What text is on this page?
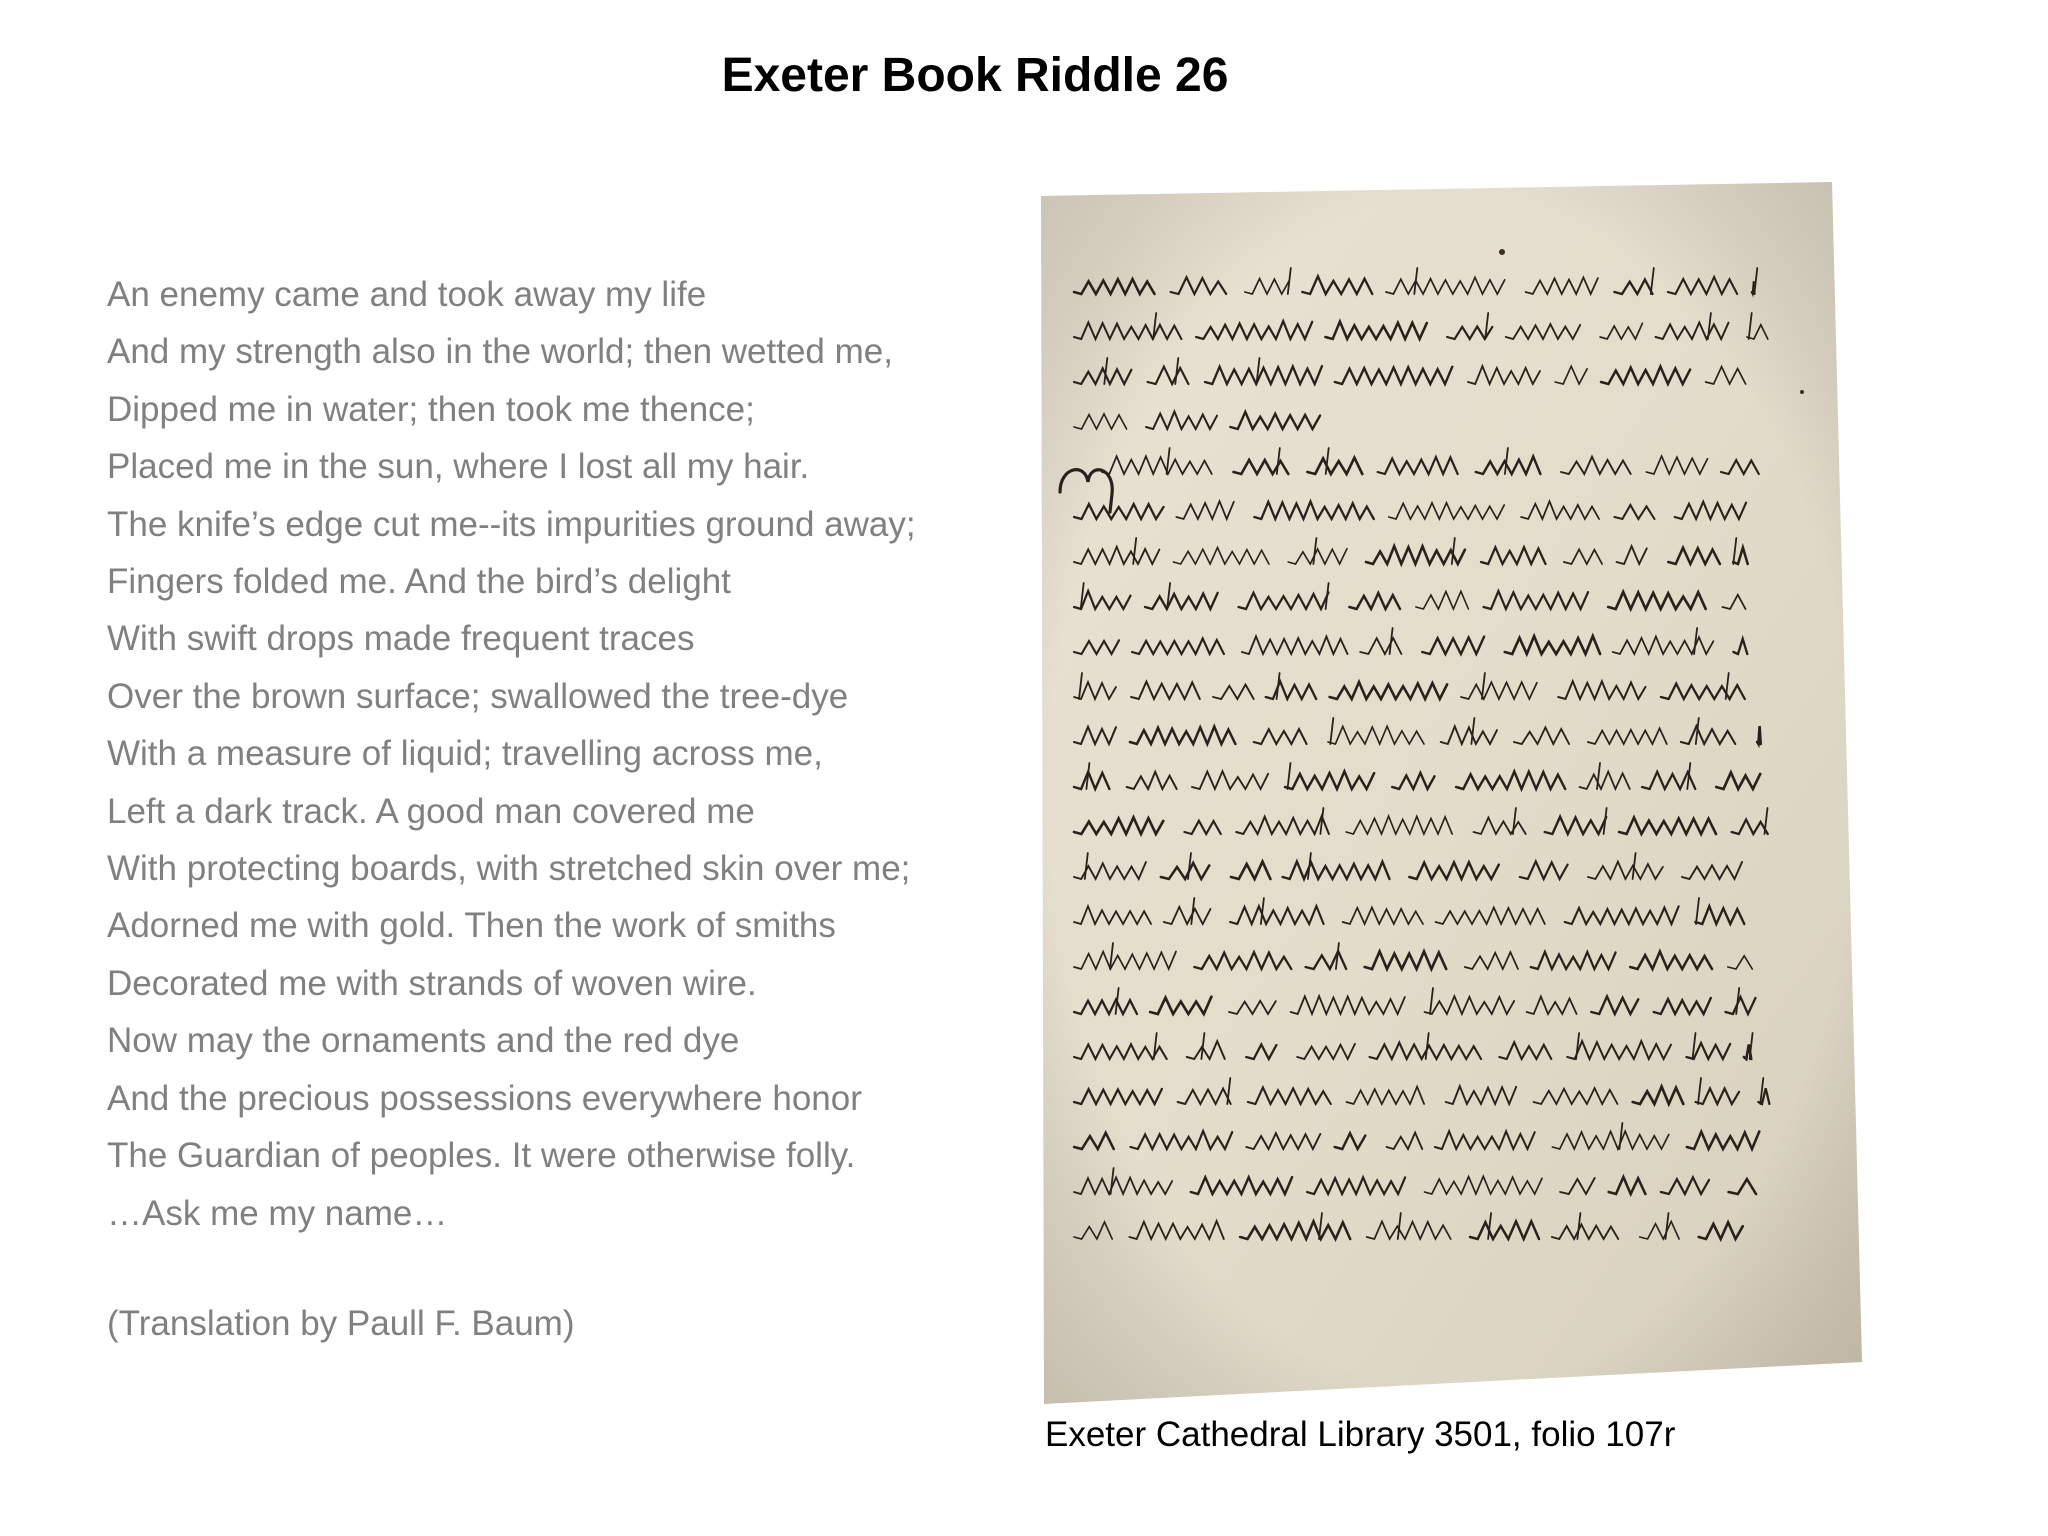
Exeter Book Riddle 26
An enemy came and took away my life
And my strength also in the world; then wetted me,
Dipped me in water; then took me thence;
Placed me in the sun, where I lost all my hair.
The knife’s edge cut me--its impurities ground away;
Fingers folded me. And the bird’s delight
With swift drops made frequent traces
Over the brown surface; swallowed the tree-dye
With a measure of liquid; travelling across me,
Left a dark track. A good man covered me
With protecting boards, with stretched skin over me;
Adorned me with gold. Then the work of smiths
Decorated me with strands of woven wire.
Now may the ornaments and the red dye
And the precious possessions everywhere honor
The Guardian of peoples. It were otherwise folly.
…Ask me my name…
(Translation by Paull F. Baum)
Exeter Cathedral Library 3501, folio 107r
